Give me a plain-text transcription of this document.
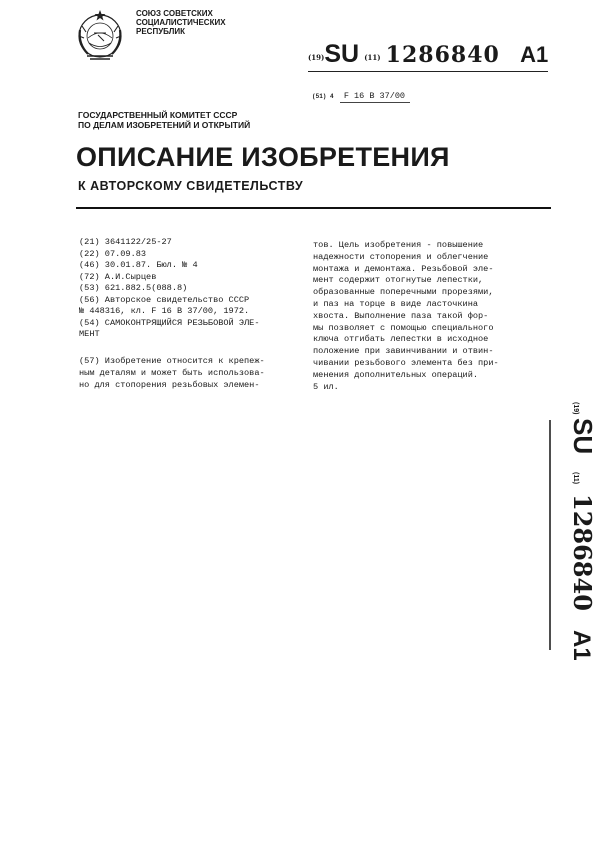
СОЮЗ СОВЕТСКИХ
СОЦИАЛИСТИЧЕСКИХ
РЕСПУБЛИК
(19)SU (11) 1286840 A1
(51) 4 F 16 B 37/00
ГОСУДАРСТВЕННЫЙ КОМИТЕТ СССР
ПО ДЕЛАМ ИЗОБРЕТЕНИЙ И ОТКРЫТИЙ
ОПИСАНИЕ ИЗОБРЕТЕНИЯ
К АВТОРСКОМУ СВИДЕТЕЛЬСТВУ
(21) 3641122/25-27
(22) 07.09.83
(46) 30.01.87. Бюл. № 4
(72) А.И.Сырцев
(53) 621.882.5(088.8)
(56) Авторское свидетельство СССР
№ 448316, кл. F 16 B 37/00, 1972.
(54) САМОКОНТРЯЩИЙСЯ РЕЗЬБОВОЙ ЭЛЕ-
МЕНТ
(57) Изобретение относится к крепеж-
ным деталям и может быть использова-
но для стопорения резьбовых элемен-
тов. Цель изобретения - повышение
надежности стопорения и облегчение
монтажа и демонтажа. Резьбовой эле-
мент содержит отогнутые лепестки,
образованные поперечными прорезями,
и паз на торце в виде ласточкина
хвоста. Выполнение паза такой фор-
мы позволяет с помощью специального
ключа отгибать лепестки в исходное
положение при завинчивании и отвин-
чивании резьбового элемента без при-
менения дополнительных операций.
5 ил.
(19)
SU
(11)
1286840
A1
